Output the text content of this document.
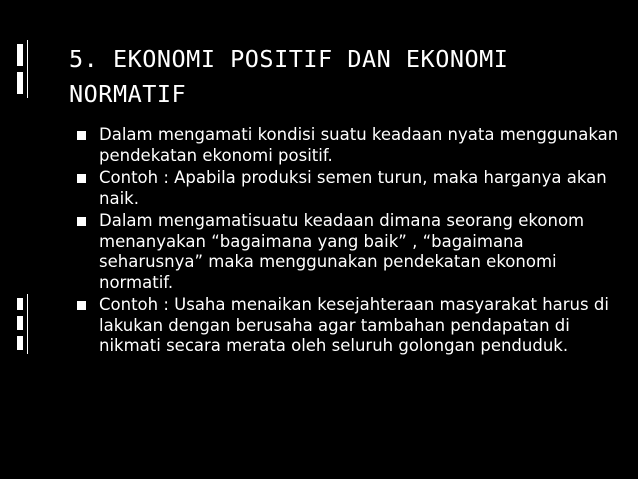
5. EKONOMI POSITIF DAN EKONOMI NORMATIF
Dalam mengamati kondisi suatu keadaan nyata menggunakan pendekatan ekonomi positif.
Contoh : Apabila produksi semen turun, maka harganya akan naik.
Dalam mengamatisuatu keadaan dimana seorang ekonom menanyakan “bagaimana yang baik” , “bagaimana seharusnya” maka menggunakan pendekatan ekonomi normatif.
Contoh : Usaha menaikan kesejahteraan masyarakat harus di lakukan dengan berusaha agar tambahan pendapatan di nikmati secara merata oleh seluruh golongan penduduk.
